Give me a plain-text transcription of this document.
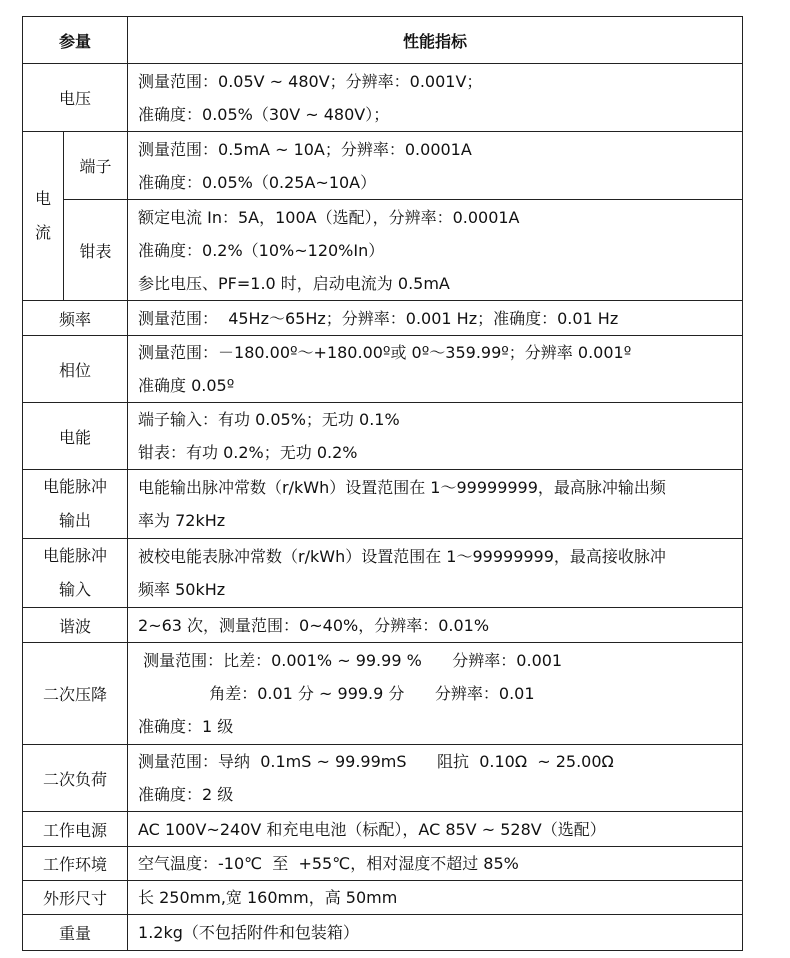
参量		性能指标
电压		测量范围：0.05V ~ 480V；分辨率：0.001V；
准确度：0.05%（30V ~ 480V）；

电
流	端子	测量范围：0.5mA ~ 10A；分辨率：0.0001A
准确度：0.05%（0.25A~10A）

	钳表	额定电流 In：5A，100A（选配），分辨率：0.0001A
准确度：0.2%（10%~120%In）
参比电压、PF=1.0 时，启动电流为 0.5mA

频率		测量范围：  45Hz～65Hz；分辨率：0.001 Hz；准确度：0.01 Hz

相位		测量范围：－180.00º～+180.00º或 0º～359.99º；分辨率 0.001º
准确度 0.05º

电能		端子输入：有功 0.05%；无功 0.1%
钳表：有功 0.2%；无功 0.2%

电能脉冲
输出		电能输出脉冲常数（r/kWh）设置范围在 1～99999999，最高脉冲输出频
率为 72kHz

电能脉冲
输入		被校电能表脉冲常数（r/kWh）设置范围在 1～99999999，最高接收脉冲
频率 50kHz

谐波		2~63 次，测量范围：0~40%，分辨率：0.01%

二次压降		测量范围：比差：0.001% ~ 99.99 %      分辨率：0.001
角差：0.01 分 ~ 999.9 分      分辨率：0.01
准确度：1 级

二次负荷		测量范围：导纳  0.1mS ~ 99.99mS      阻抗  0.10Ω  ~ 25.00Ω
准确度：2 级

工作电源		AC 100V~240V 和充电电池（标配），AC 85V ~ 528V（选配）

工作环境		空气温度：-10℃  至  +55℃，相对湿度不超过 85%

外形尺寸		长 250mm,宽 160mm，高 50mm

重量		1.2kg（不包括附件和包装箱）
